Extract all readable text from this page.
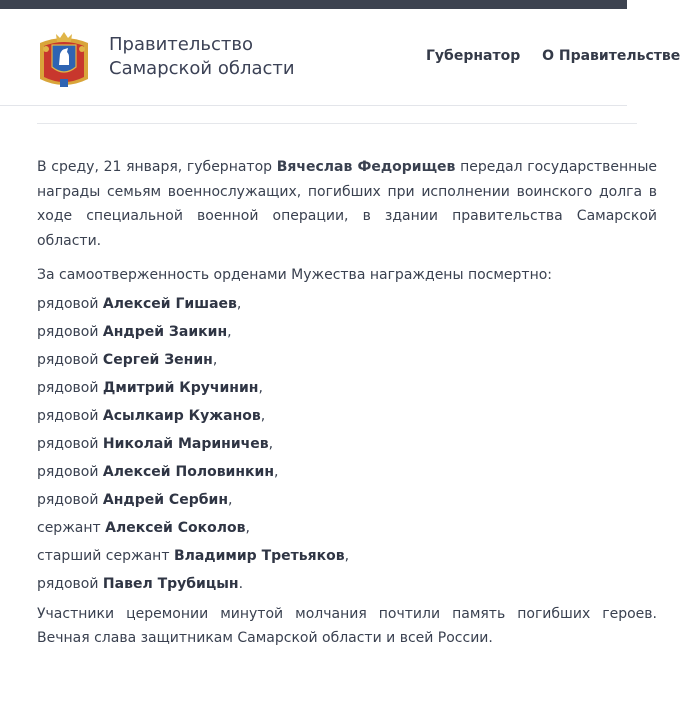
Правительство
Самарской области
Губернатор О Правительстве

В среду, 21 января, губернатор Вячеслав Федорищев передал государственные награды семьям военнослужащих, погибших при исполнении воинского долга в ходе специальной военной операции, в здании правительства Самарской области.

За самоотверженность орденами Мужества награждены посмертно:

рядовой Алексей Гишаев,
рядовой Андрей Заикин,
рядовой Сергей Зенин,
рядовой Дмитрий Кручинин,
рядовой Асылкаир Кужанов,
рядовой Николай Мариничев,
рядовой Алексей Половинкин,
рядовой Андрей Сербин,
сержант Алексей Соколов,
старший сержант Владимир Третьяков,
рядовой Павел Трубицын.

Участники церемонии минутой молчания почтили память погибших героев. Вечная слава защитникам Самарской области и всей России.
